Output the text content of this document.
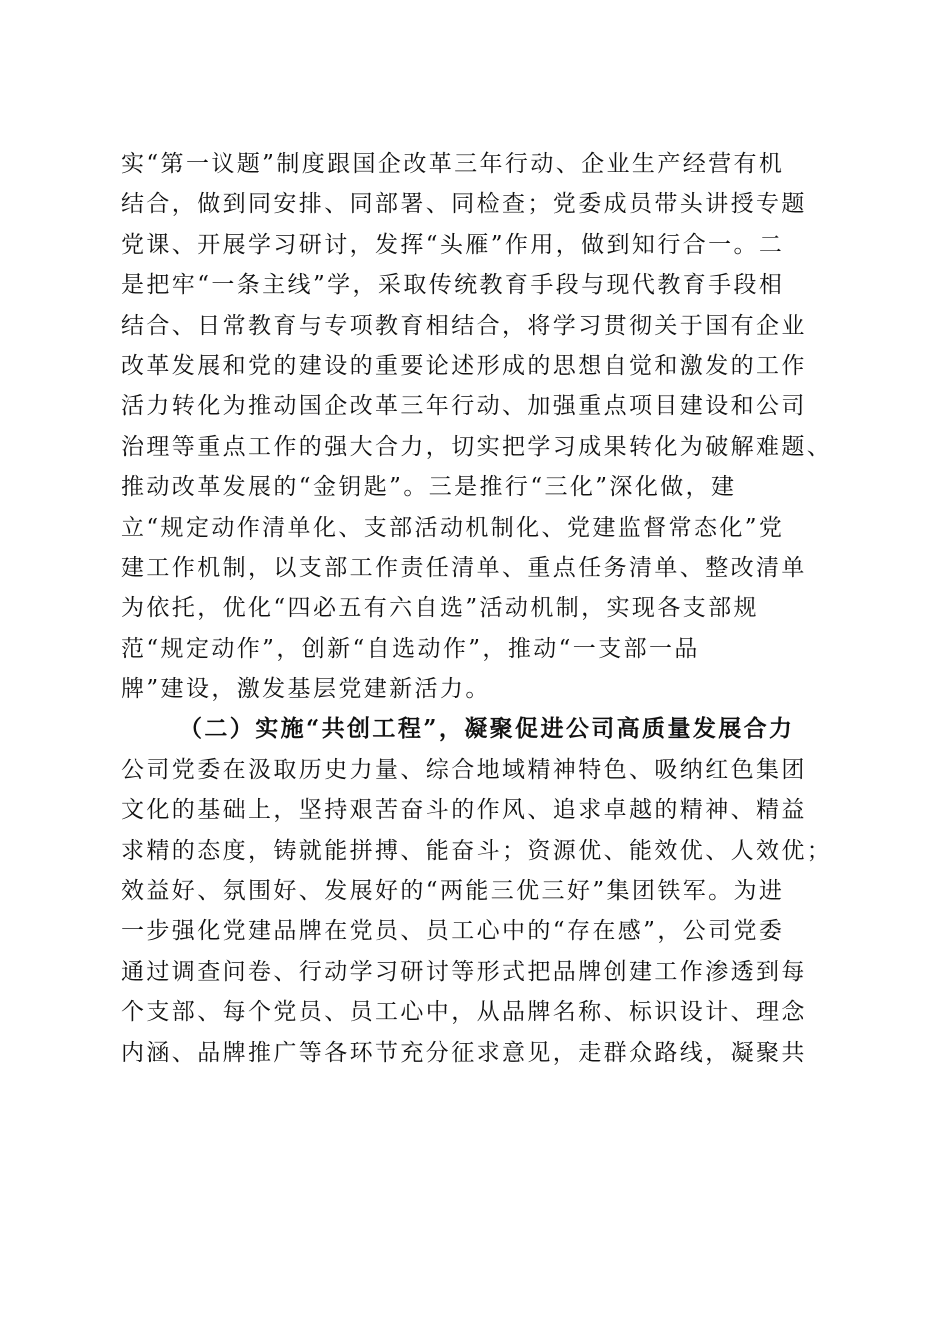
实“第一议题”制度跟国企改革三年行动、企业生产经营有机
结合，做到同安排、同部署、同检查；党委成员带头讲授专题
党课、开展学习研讨，发挥“头雁”作用，做到知行合一。二
是把牢“一条主线”学，采取传统教育手段与现代教育手段相
结合、日常教育与专项教育相结合，将学习贯彻关于国有企业
改革发展和党的建设的重要论述形成的思想自觉和激发的工作
活力转化为推动国企改革三年行动、加强重点项目建设和公司
治理等重点工作的强大合力，切实把学习成果转化为破解难题、
推动改革发展的“金钥匙”。三是推行“三化”深化做，建
立“规定动作清单化、支部活动机制化、党建监督常态化”党
建工作机制，以支部工作责任清单、重点任务清单、整改清单
为依托，优化“四必五有六自选”活动机制，实现各支部规
范“规定动作”，创新“自选动作”，推动“一支部一品
牌”建设，激发基层党建新活力。
（二）实施“共创工程”，凝聚促进公司高质量发展合力
公司党委在汲取历史力量、综合地域精神特色、吸纳红色集团
文化的基础上，坚持艰苦奋斗的作风、追求卓越的精神、精益
求精的态度，铸就能拼搏、能奋斗；资源优、能效优、人效优；
效益好、氛围好、发展好的“两能三优三好”集团铁军。为进
一步强化党建品牌在党员、员工心中的“存在感”，公司党委
通过调查问卷、行动学习研讨等形式把品牌创建工作渗透到每
个支部、每个党员、员工心中，从品牌名称、标识设计、理念
内涵、品牌推广等各环节充分征求意见，走群众路线，凝聚共
